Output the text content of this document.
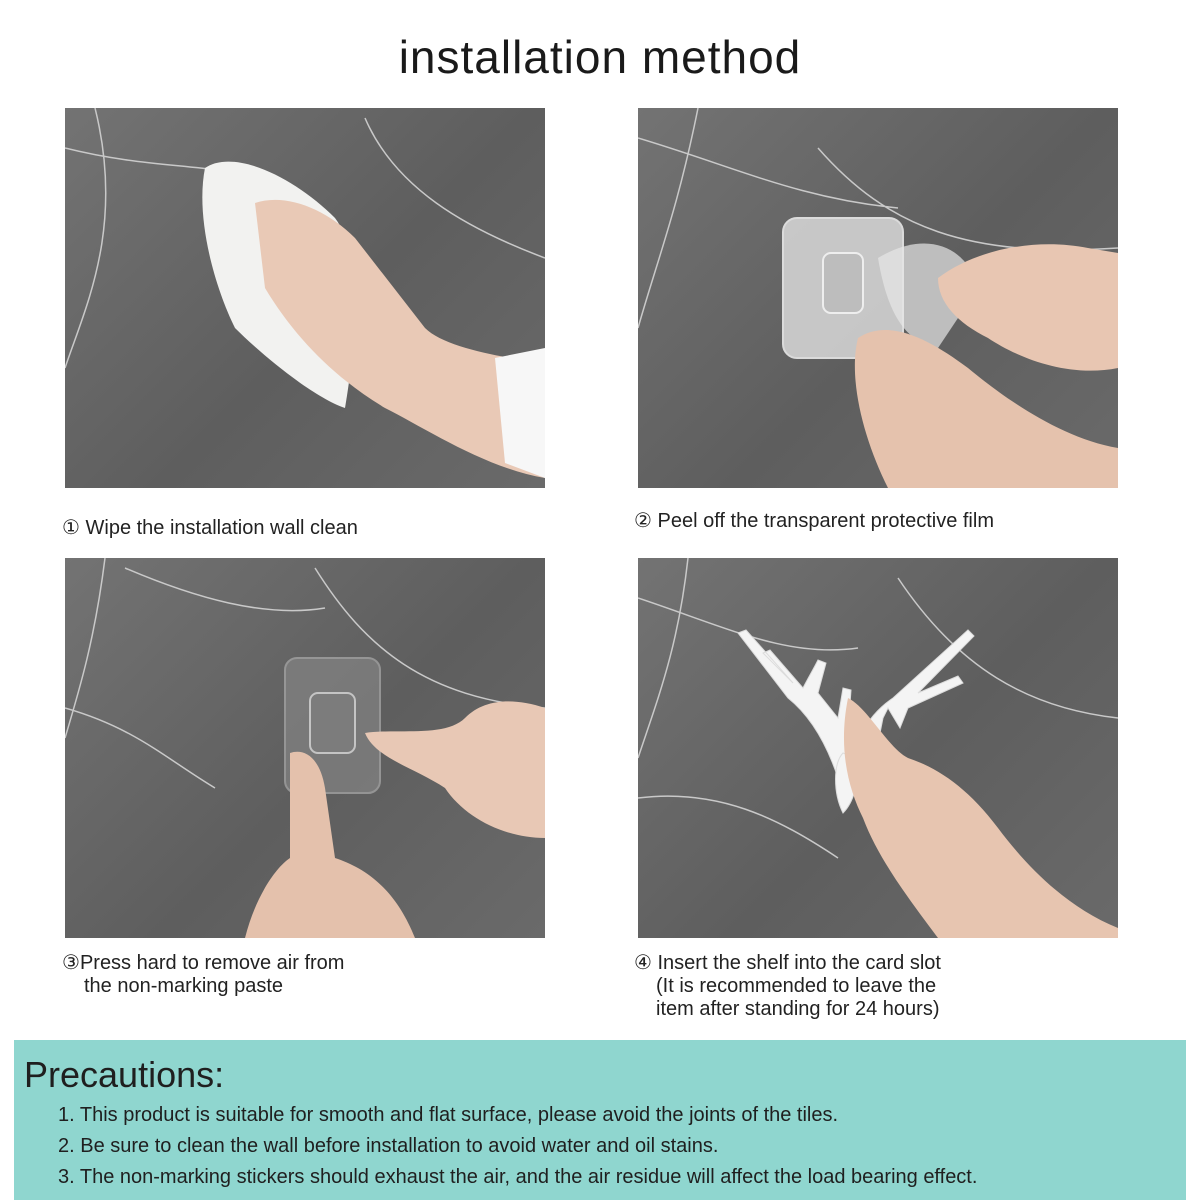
installation method
① Wipe the installation wall clean	② Peel off the transparent protective film
③Press hard to remove air from
the non-marking paste
④ Insert the shelf into the card slot
(It is recommended to leave the
item after standing for 24 hours)
Precautions:
1. This product is suitable for smooth and flat surface, please avoid the joints of the tiles.
2. Be sure to clean the wall before installation to avoid water and oil stains.
3. The non-marking stickers should exhaust the air, and the air residue will affect the load bearing effect.
